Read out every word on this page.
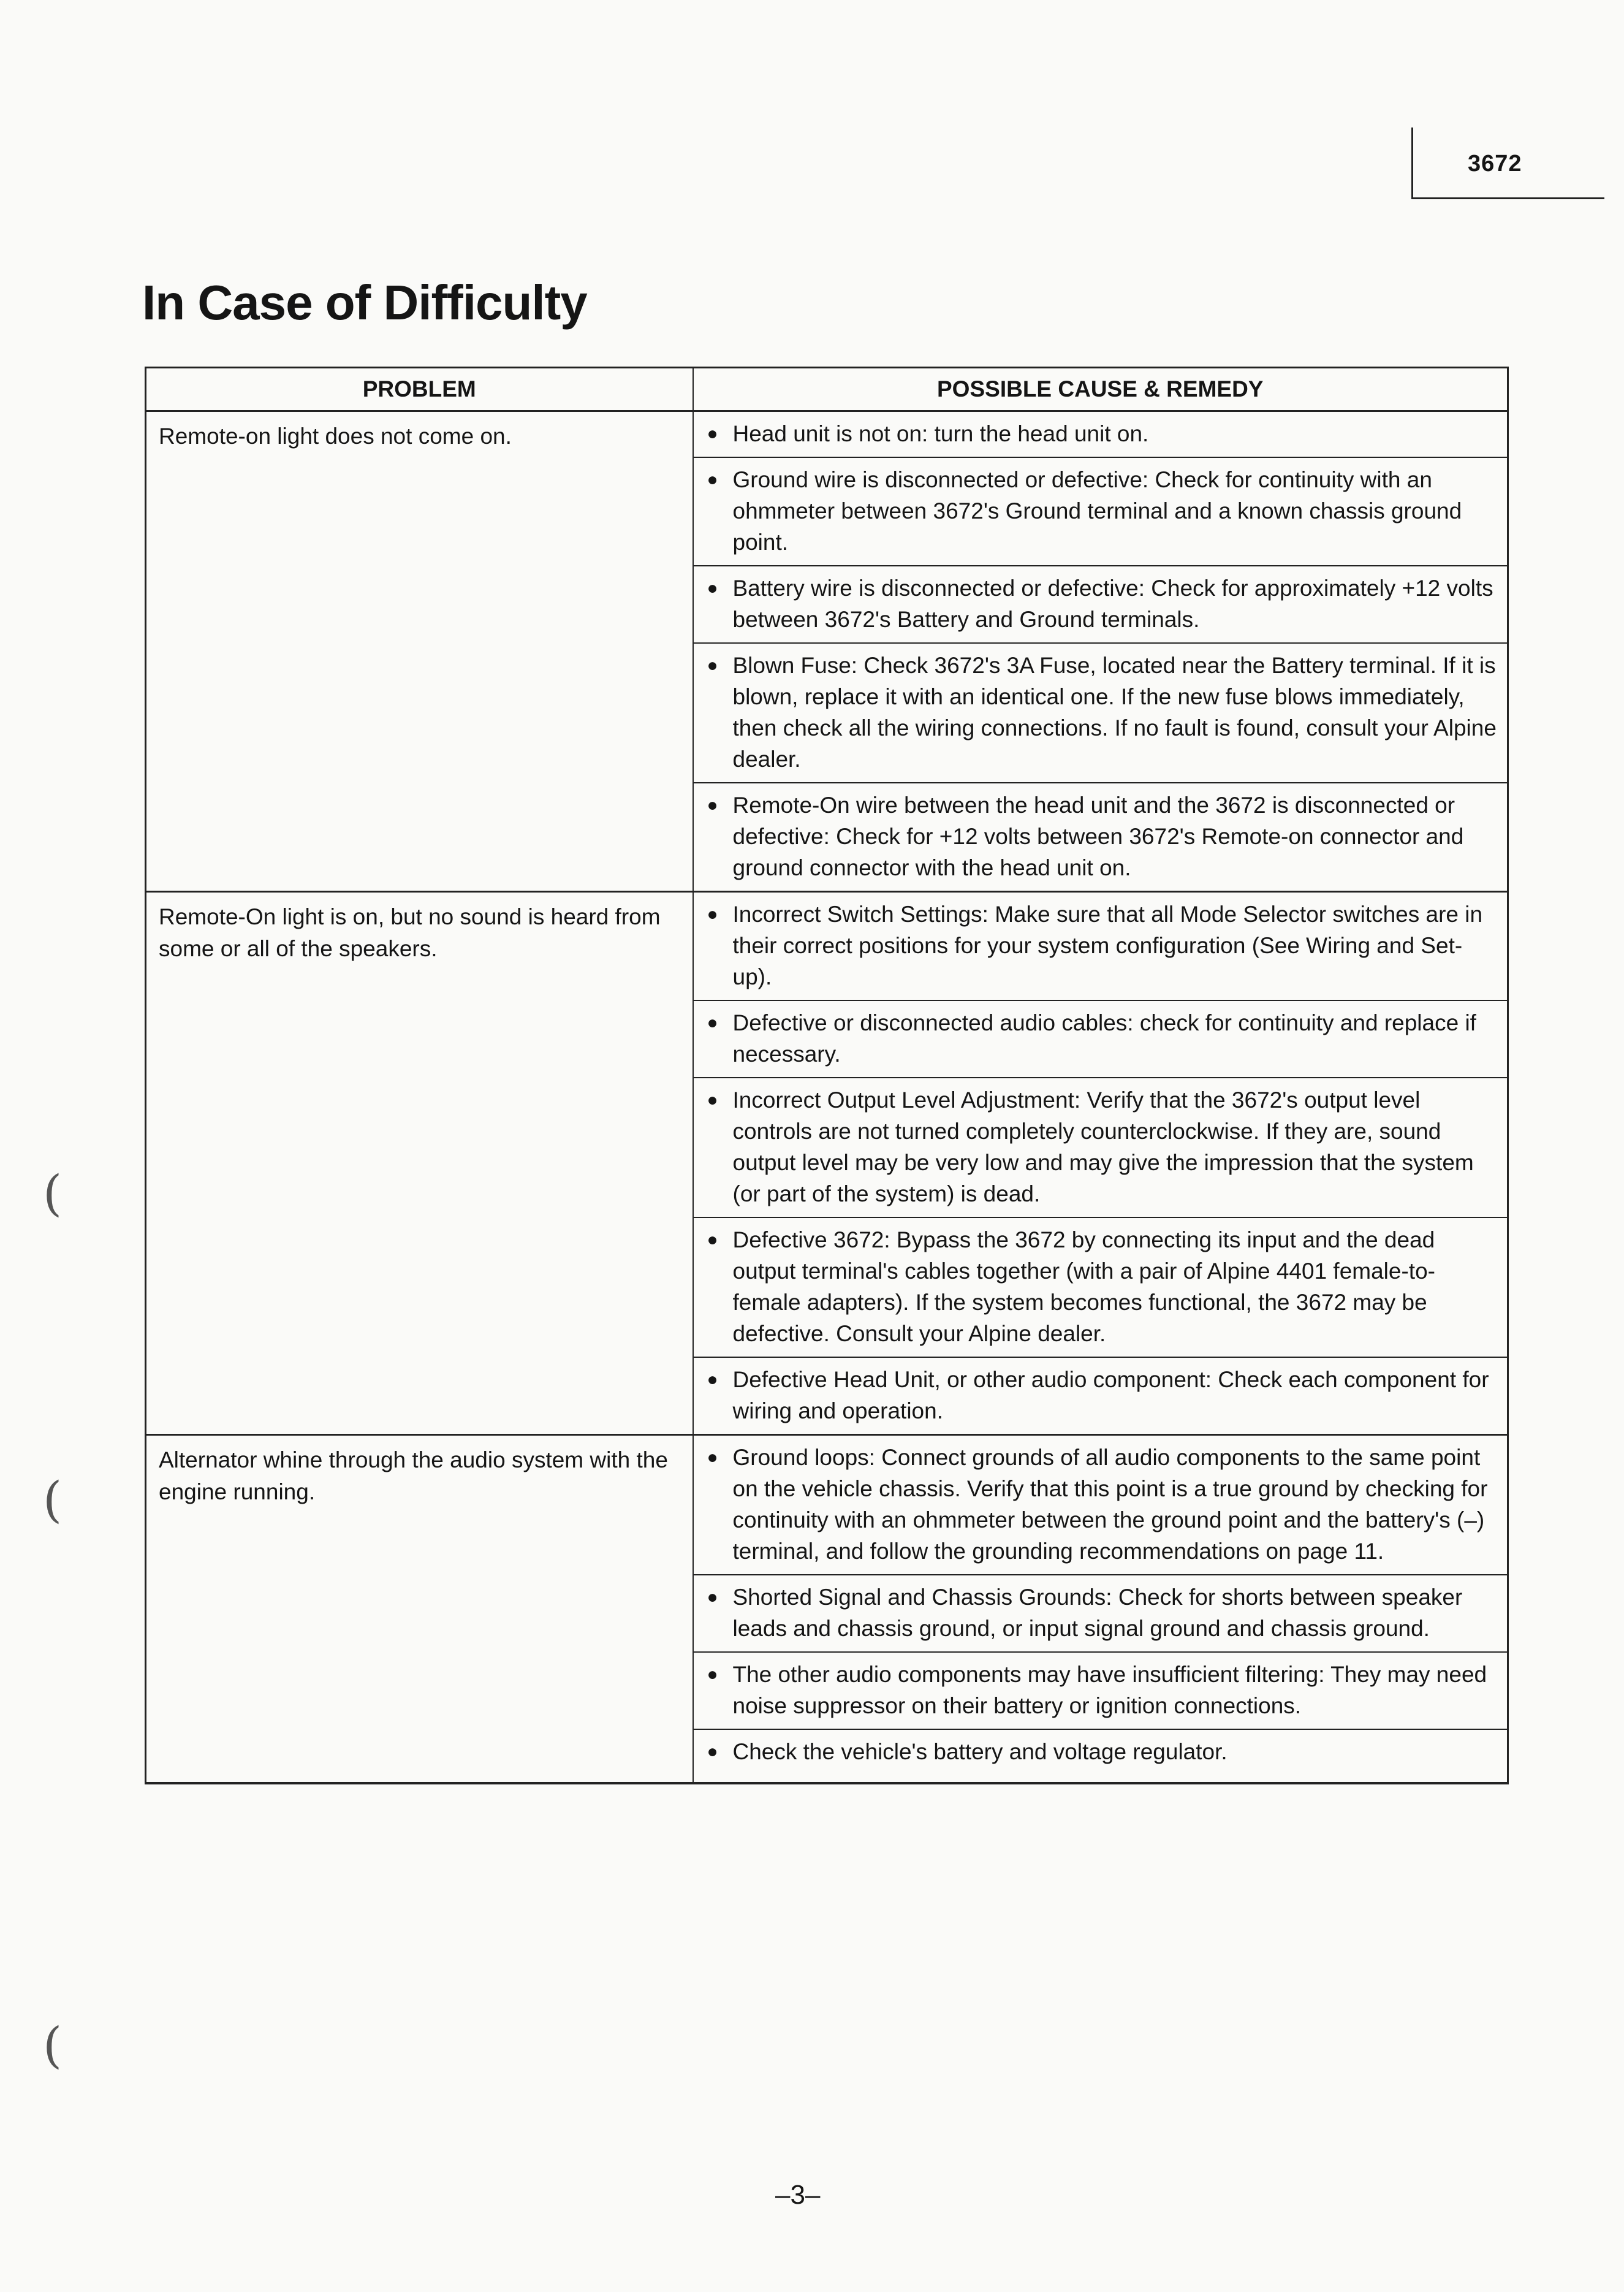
3672
In Case of Difficulty
PROBLEM	POSSIBLE CAUSE & REMEDY
Remote-on light does not come on.	● Head unit is not on: turn the head unit on.

	● Ground wire is disconnected or defective: Check for continuity with an ohmmeter between 3672's Ground terminal and a known chassis ground point.

	● Battery wire is disconnected or defective: Check for approximately +12 volts between 3672's Battery and Ground terminals.

	● Blown Fuse: Check 3672's 3A Fuse, located near the Battery terminal. If it is blown, replace it with an identical one. If the new fuse blows immediately, then check all the wiring connections. If no fault is found, consult your Alpine dealer.

	● Remote-On wire between the head unit and the 3672 is disconnected or defective: Check for +12 volts between 3672's Remote-on connector and ground connector with the head unit on.

Remote-On light is on, but no sound is heard from some or all of the speakers.	● Incorrect Switch Settings: Make sure that all Mode Selector switches are in their correct positions for your system configuration (See Wiring and Set-up).

	● Defective or disconnected audio cables: check for continuity and replace if necessary.

	● Incorrect Output Level Adjustment: Verify that the 3672's output level controls are not turned completely counterclockwise. If they are, sound output level may be very low and may give the impression that the system (or part of the system) is dead.

	● Defective 3672: Bypass the 3672 by connecting its input and the dead output terminal's cables together (with a pair of Alpine 4401 female-to-female adapters). If the system becomes functional, the 3672 may be defective. Consult your Alpine dealer.

	● Defective Head Unit, or other audio component: Check each component for wiring and operation.

Alternator whine through the audio system with the engine running.	● Ground loops: Connect grounds of all audio components to the same point on the vehicle chassis. Verify that this point is a true ground by checking for continuity with an ohmmeter between the ground point and the battery's (–) terminal, and follow the grounding recommendations on page 11.

	● Shorted Signal and Chassis Grounds: Check for shorts between speaker leads and chassis ground, or input signal ground and chassis ground.

	● The other audio components may have insufficient filtering: They may need noise suppressor on their battery or ignition connections.

	● Check the vehicle's battery and voltage regulator.
(
(
(
–3–
